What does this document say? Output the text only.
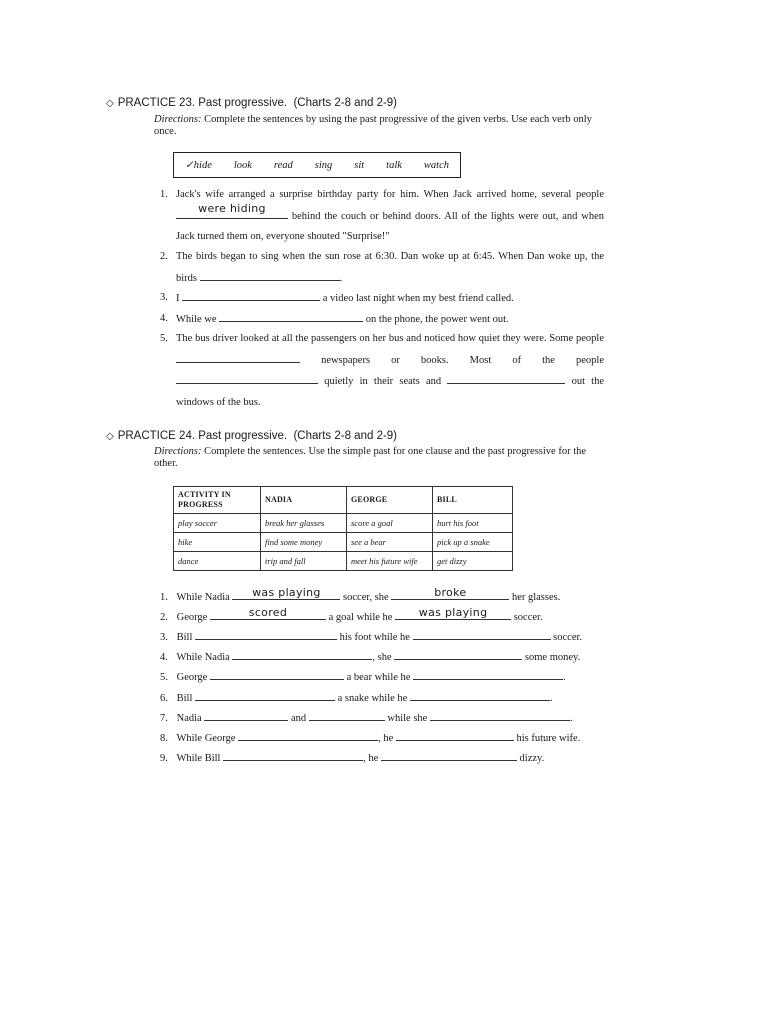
◇ PRACTICE 23. Past progressive. (Charts 2-8 and 2-9)
Directions: Complete the sentences by using the past progressive of the given verbs. Use each verb only once.
✓hide look read sing sit talk watch
1. Jack's wife arranged a surprise birthday party for him. When Jack arrived home, several people
were hiding
behind the couch or behind doors. All of the lights were out, and when Jack turned them on, everyone shouted "Surprise!"
2. The birds began to sing when the sun rose at 6:30. Dan woke up at 6:45. When Dan woke up, the birds	.
3. I	a video last night when my best friend called.
4. While we	on the phone, the power went out.
5. The bus driver looked at all the passengers on her bus and noticed how quiet they were. Some people  newspapers or books. Most of the people  quietly in their seats and	out the windows of the bus.
◇ PRACTICE 24. Past progressive. (Charts 2-8 and 2-9)
Directions: Complete the sentences. Use the simple past for one clause and the past progressive for the other.
ACTIVITY IN PROGRESS	NADIA	GEORGE	BILL
play soccer	break her glasses	score a goal	hurt his foot
hike	find some money	see a bear	pick up a snake
dance	trip and fall	meet his future wife	get dizzy
1. While Nadia	was playing	soccer, she	broke	her glasses.
2. George	scored	a goal while he	was playing	soccer.
3. Bill	his foot while he	soccer.
4. While Nadia	, she	some money.
5. George	a bear while he	.
6. Bill	a snake while he	.
7. Nadia	and	while she	.
8. While George	, he	his future wife.
9. While Bill	, he	dizzy.
